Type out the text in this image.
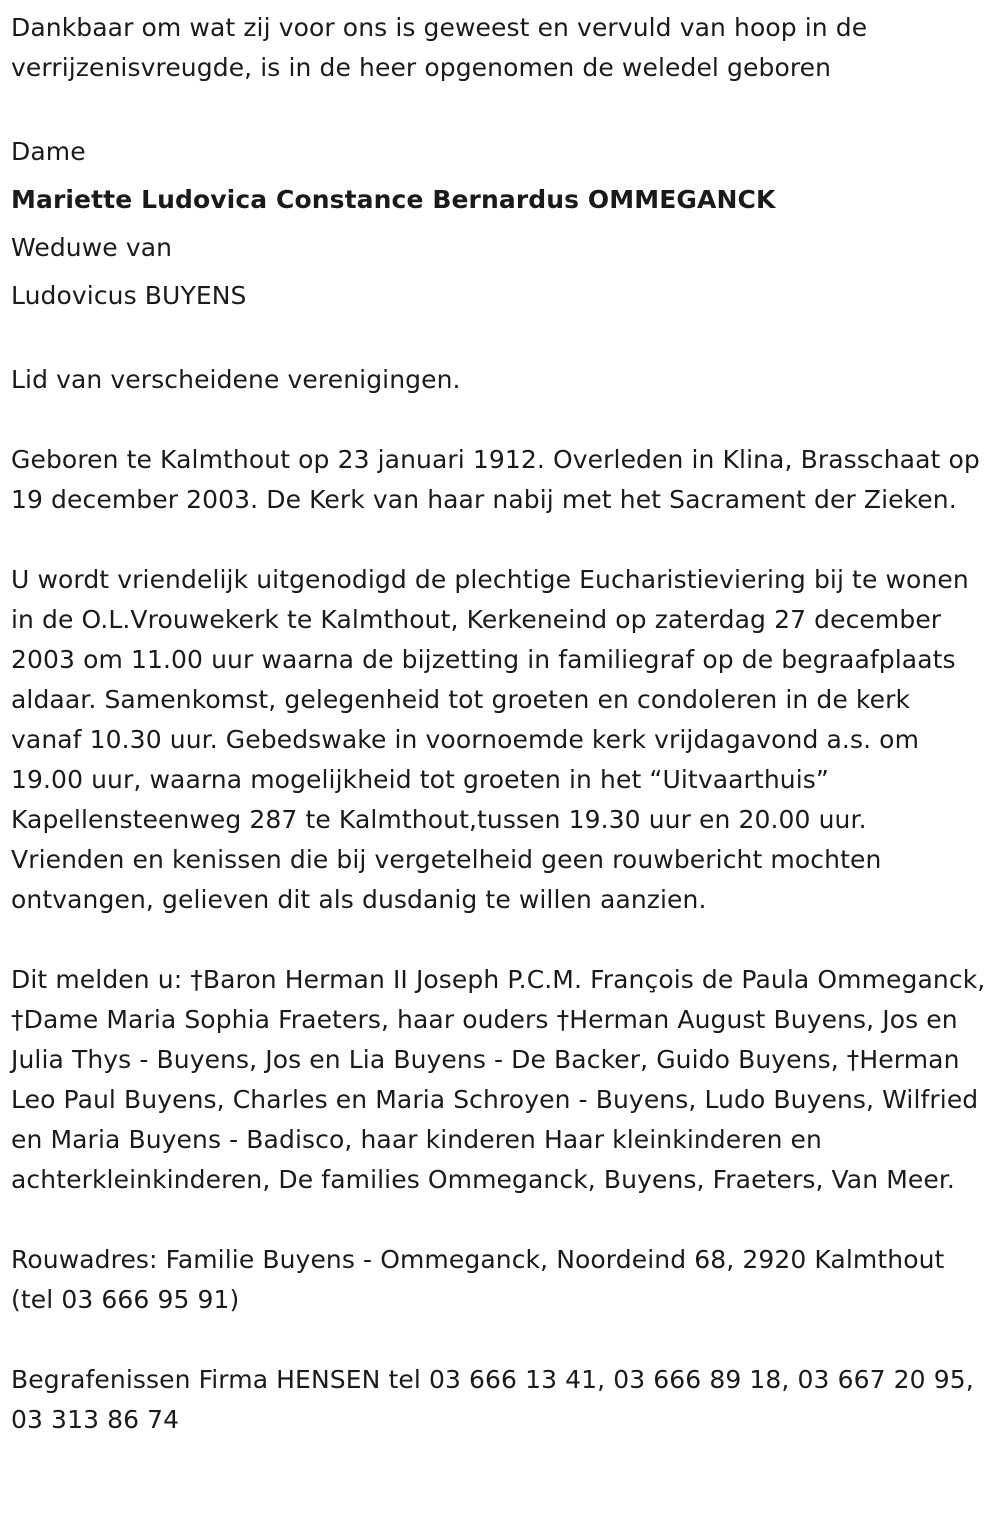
Dankbaar om wat zij voor ons is geweest en vervuld van hoop in de verrijzenisvreugde, is in de heer opgenomen de weledel geboren

Dame
Mariette Ludovica Constance Bernardus OMMEGANCK
Weduwe van
Ludovicus BUYENS

Lid van verscheidene verenigingen.

Geboren te Kalmthout op 23 januari 1912. Overleden in Klina, Brasschaat op 19 december 2003. De Kerk van haar nabij met het Sacrament der Zieken.

U wordt vriendelijk uitgenodigd de plechtige Eucharistieviering bij te wonen in de O.L.Vrouwekerk te Kalmthout, Kerkeneind op zaterdag 27 december 2003 om 11.00 uur waarna de bijzetting in familiegraf op de begraafplaats aldaar. Samenkomst, gelegenheid tot groeten en condoleren in de kerk vanaf 10.30 uur. Gebedswake in voornoemde kerk vrijdagavond a.s. om 19.00 uur, waarna mogelijkheid tot groeten in het “Uitvaarthuis” Kapellensteenweg 287 te Kalmthout,tussen 19.30 uur en 20.00 uur. Vrienden en kenissen die bij vergetelheid geen rouwbericht mochten ontvangen, gelieven dit als dusdanig te willen aanzien.

Dit melden u: †Baron Herman II Joseph P.C.M. François de Paula Ommeganck, †Dame Maria Sophia Fraeters, haar ouders †Herman August Buyens, Jos en Julia Thys - Buyens, Jos en Lia Buyens - De Backer, Guido Buyens, †Herman Leo Paul Buyens, Charles en Maria Schroyen - Buyens, Ludo Buyens, Wilfried en Maria Buyens - Badisco, haar kinderen Haar kleinkinderen en achterkleinkinderen, De families Ommeganck, Buyens, Fraeters, Van Meer.

Rouwadres: Familie Buyens - Ommeganck, Noordeind 68, 2920 Kalmthout (tel 03 666 95 91)

Begrafenissen Firma HENSEN tel 03 666 13 41, 03 666 89 18, 03 667 20 95, 03 313 86 74
